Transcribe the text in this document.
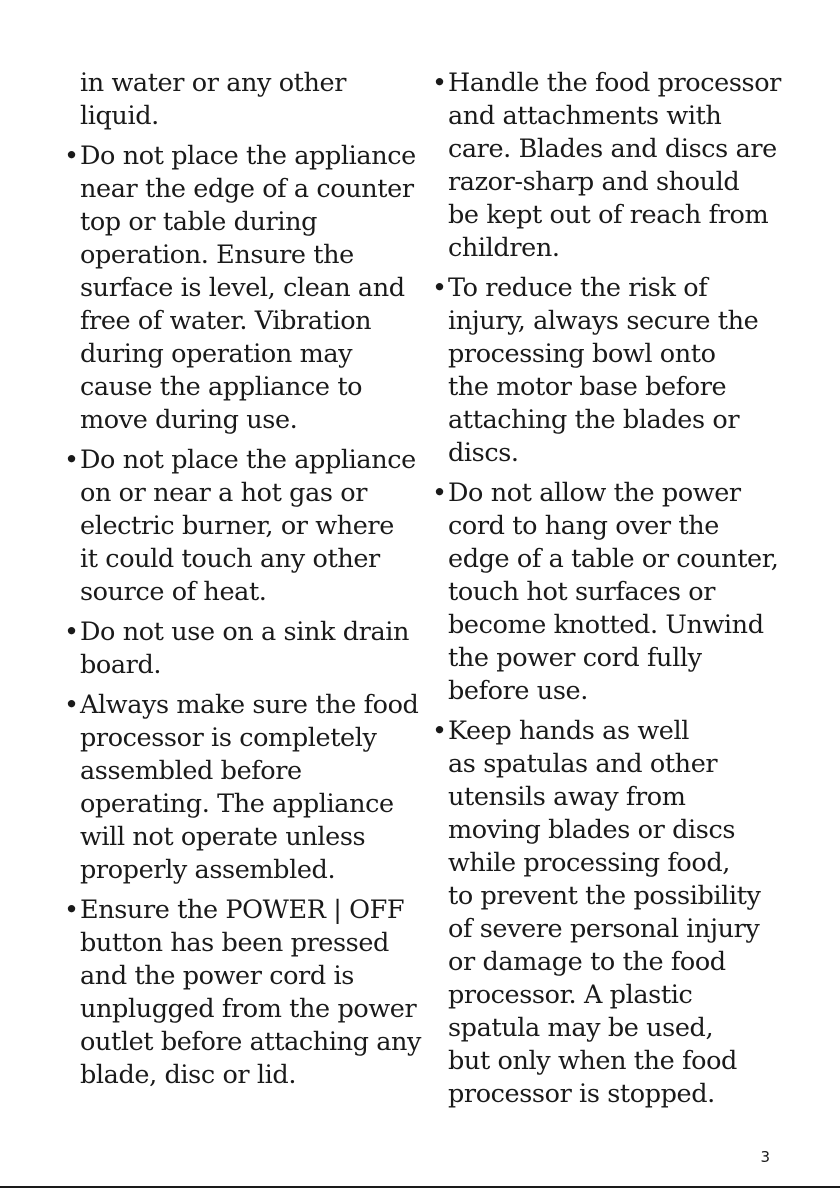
in water or any other
liquid.
• Do not place the appliance
near the edge of a counter
top or table during
operation. Ensure the
surface is level, clean and
free of water. Vibration
during operation may
cause the appliance to
move during use.
• Do not place the appliance
on or near a hot gas or
electric burner, or where
it could touch any other
source of heat.
• Do not use on a sink drain
board.
• Always make sure the food
processor is completely
assembled before
operating. The appliance
will not operate unless
properly assembled.
• Ensure the POWER | OFF
button has been pressed
and the power cord is
unplugged from the power
outlet before attaching any
blade, disc or lid.
• Handle the food processor
and attachments with
care. Blades and discs are
razor-sharp and should
be kept out of reach from
children.
• To reduce the risk of
injury, always secure the
processing bowl onto
the motor base before
attaching the blades or
discs.
• Do not allow the power
cord to hang over the
edge of a table or counter,
touch hot surfaces or
become knotted. Unwind
the power cord fully
before use.
• Keep hands as well
as spatulas and other
utensils away from
moving blades or discs
while processing food,
to prevent the possibility
of severe personal injury
or damage to the food
processor. A plastic
spatula may be used,
but only when the food
processor is stopped.
3
